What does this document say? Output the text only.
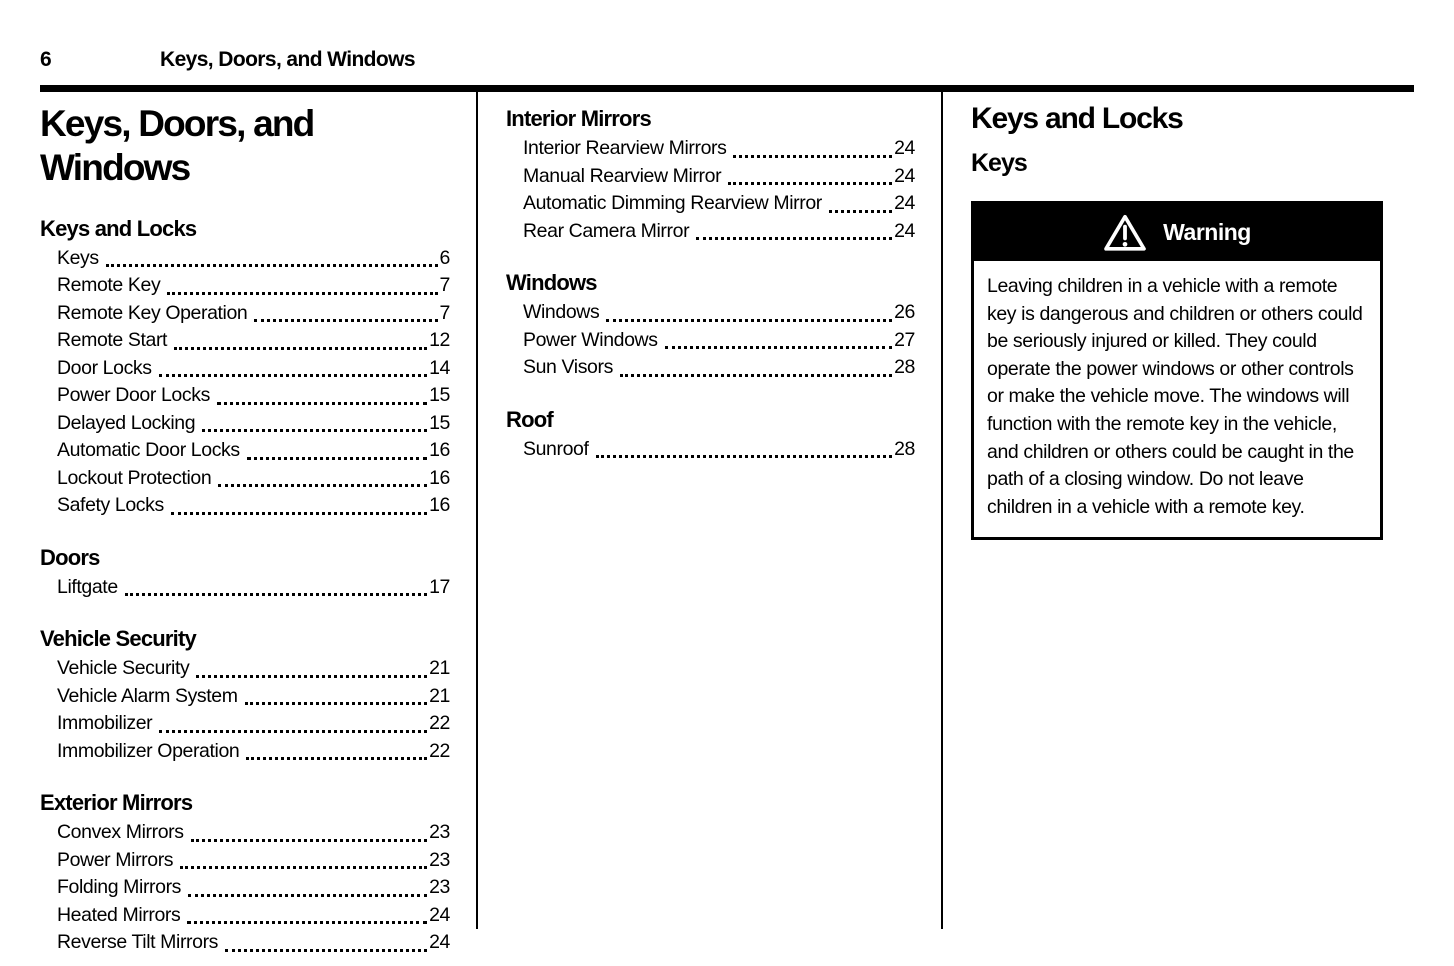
6	Keys, Doors, and Windows
Keys, Doors, and Windows
Keys and Locks
Keys	6
Remote Key	7
Remote Key Operation	7
Remote Start	12
Door Locks	14
Power Door Locks	15
Delayed Locking	15
Automatic Door Locks	16
Lockout Protection	16
Safety Locks	16
Doors
Liftgate	17
Vehicle Security
Vehicle Security	21
Vehicle Alarm System	21
Immobilizer	22
Immobilizer Operation	22
Exterior Mirrors
Convex Mirrors	23
Power Mirrors	23
Folding Mirrors	23
Heated Mirrors	24
Reverse Tilt Mirrors	24
Interior Mirrors
Interior Rearview Mirrors	24
Manual Rearview Mirror	24
Automatic Dimming Rearview Mirror	24
Rear Camera Mirror	24
Windows
Windows	26
Power Windows	27
Sun Visors	28
Roof
Sunroof	28
Keys and Locks
Keys
Warning

Leaving children in a vehicle with a remote key is dangerous and children or others could be seriously injured or killed. They could operate the power windows or other controls or make the vehicle move. The windows will function with the remote key in the vehicle, and children or others could be caught in the path of a closing window. Do not leave children in a vehicle with a remote key.
